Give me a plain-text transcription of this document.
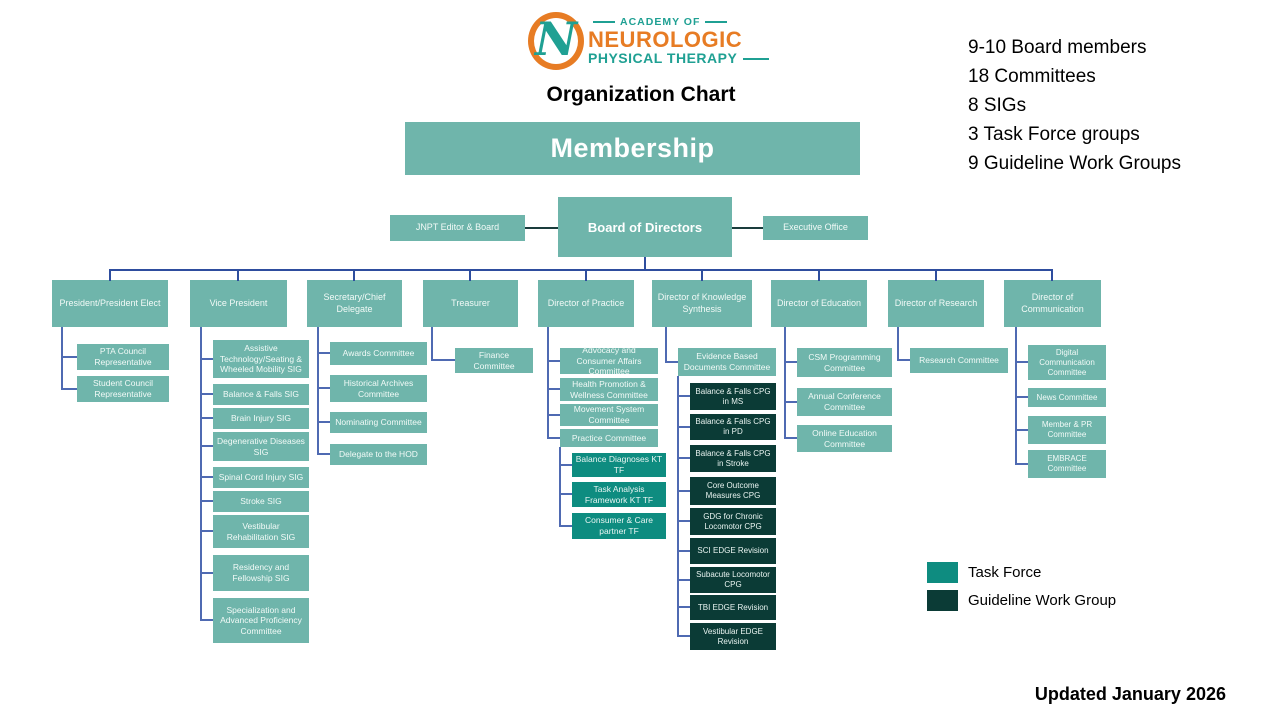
N	ACADEMY OF
NEUROLOGIC
PHYSICAL THERAPY
Organization Chart
9-10 Board members
18 Committees
8 SIGs
3 Task Force groups
9 Guideline Work Groups
Membership
Board of Directors
JNPT Editor & Board	Executive Office
President/President Elect	Vice President
Secretary/Chief Delegate
Treasurer	Director of Practice
Director of Knowledge Synthesis
Director of Education	Director of Research
Director of Communication
PTA Council Representative
Student Council Representative
Assistive Technology/Seating & Wheeled Mobility SIG
Balance & Falls SIG
Brain Injury SIG
Degenerative Diseases SIG
Spinal Cord Injury SIG
Stroke SIG
Vestibular Rehabilitation SIG
Residency and Fellowship SIG
Specialization and Advanced Proficiency Committee
Awards Committee
Historical Archives Committee
Nominating Committee
Delegate to the HOD
Finance Committee
Advocacy and Consumer Affairs Committee
Health Promotion & Wellness Committee
Movement System Committee
Practice Committee
Balance Diagnoses KT TF
Task Analysis Framework KT TF
Consumer & Care partner TF
Evidence Based Documents Committee
Balance & Falls CPG in MS
Balance & Falls CPG in PD
Balance & Falls CPG in Stroke
Core Outcome Measures CPG
GDG for Chronic Locomotor CPG
SCI EDGE Revision
Subacute Locomotor CPG
TBI EDGE Revision
Vestibular EDGE Revision
CSM Programming Committee
Annual Conference Committee
Online Education Committee
Research Committee
Digital Communication Committee
News Committee
Member & PR Committee
EMBRACE Committee
Task Force
Guideline Work Group
Updated January 2026
